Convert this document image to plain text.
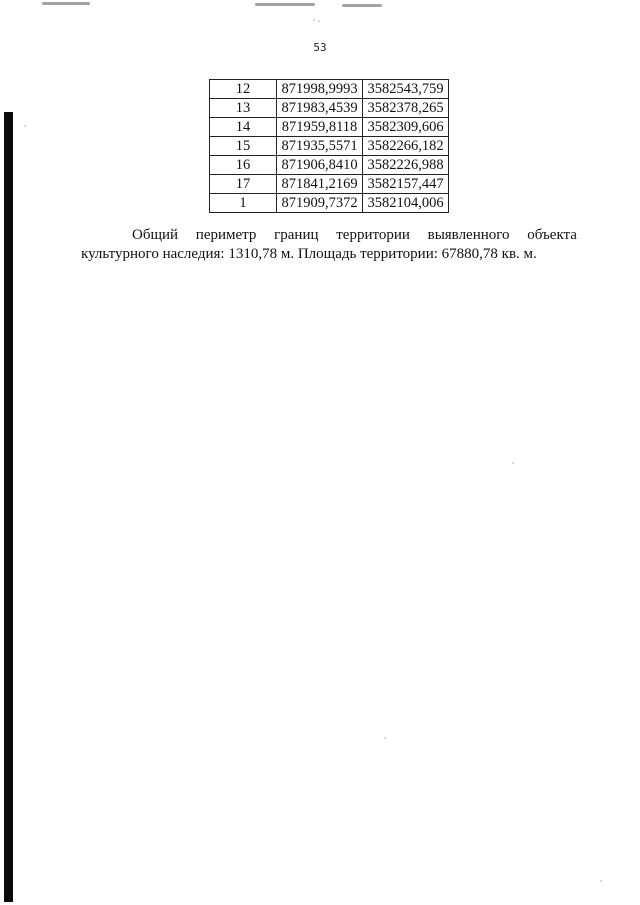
53
12	871998,9993	3582543,759
13	871983,4539	3582378,265
14	871959,8118	3582309,606
15	871935,5571	3582266,182
16	871906,8410	3582226,988
17	871841,2169	3582157,447
1	871909,7372	3582104,006
Общий периметр границ территории выявленного объекта
культурного наследия: 1310,78 м. Площадь территории: 67880,78 кв. м.
